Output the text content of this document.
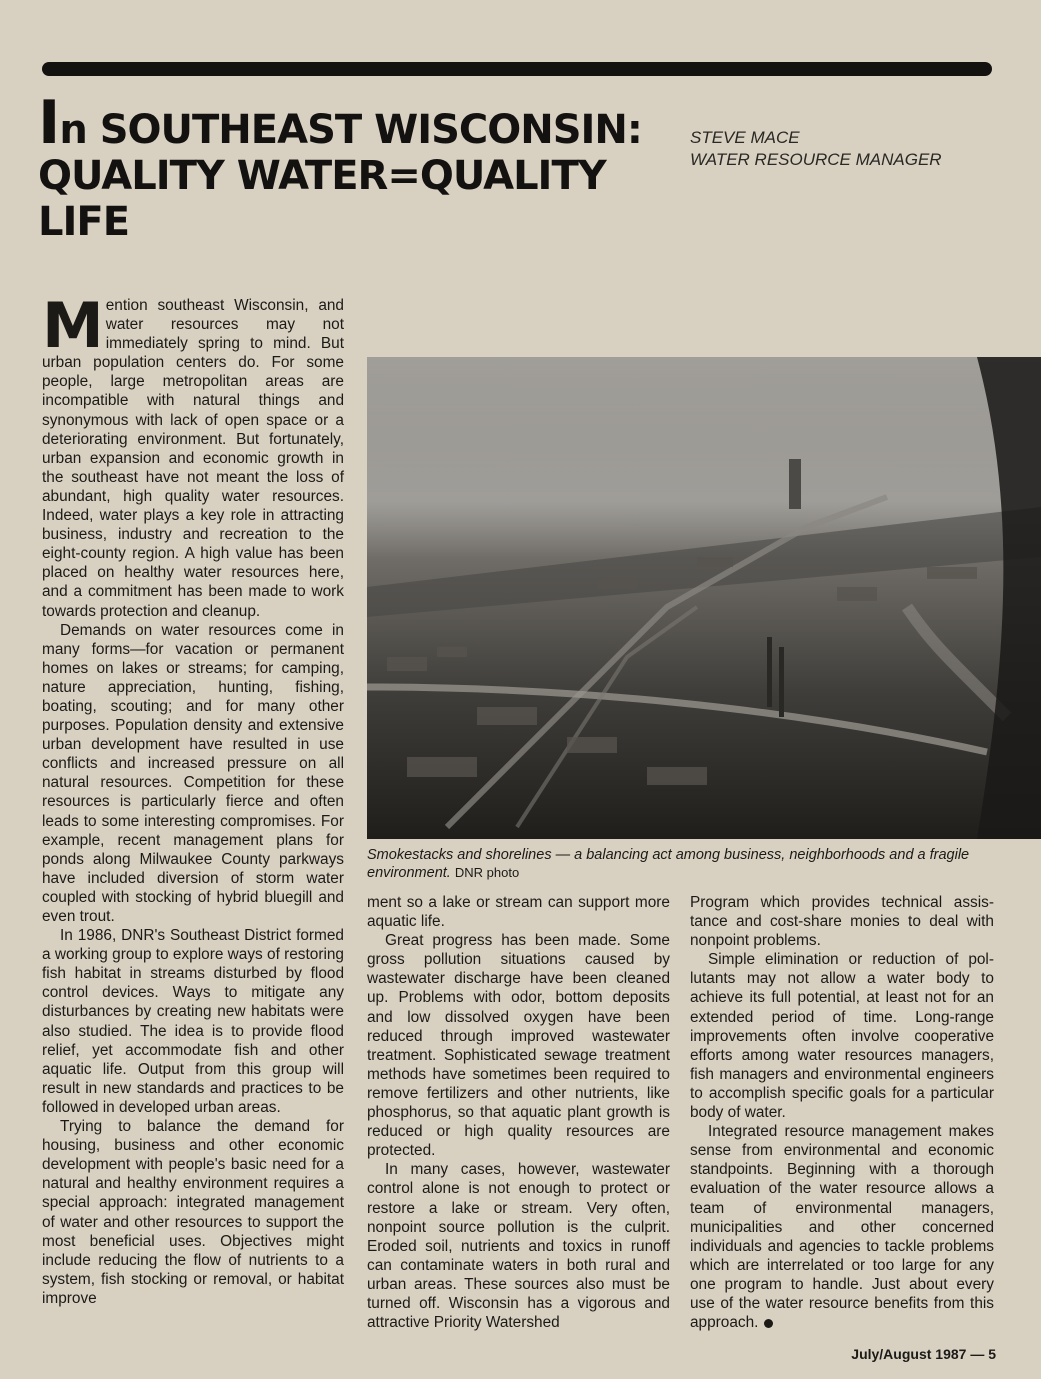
In SOUTHEAST WISCONSIN:
QUALITY WATER=QUALITY LIFE
STEVE MACE
WATER RESOURCE MANAGER

Mention southeast Wisconsin, and water resources may not immediately spring to mind. But urban population centers do. For some people, large metropolitan areas are incompatible with natural things and synonymous with lack of open space or a deteriorating environment. But fortunately, urban expansion and economic growth in the southeast have not meant the loss of abundant, high quality water resources. Indeed, water plays a key role in attracting business, industry and recreation to the eight-county region. A high value has been placed on healthy water resources here, and a commitment has been made to work towards protection and cleanup.

Demands on water resources come in many forms—for vacation or permanent homes on lakes or streams; for camping, nature appreciation, hunting, fishing, boating, scouting; and for many other purposes. Population density and extensive urban development have resulted in use conflicts and increased pressure on all natural resources. Competition for these resources is particularly fierce and often leads to some interesting compromises. For example, recent management plans for ponds along Milwaukee County parkways have included diversion of storm water coupled with stocking of hybrid bluegill and even trout.

In 1986, DNR's Southeast District formed a working group to explore ways of restoring fish habitat in streams disturbed by flood control devices. Ways to mitigate any disturbances by creating new habitats were also studied. The idea is to provide flood relief, yet accommodate fish and other aquatic life. Output from this group will result in new standards and practices to be followed in developed urban areas.

Trying to balance the demand for housing, business and other economic development with people's basic need for a natural and healthy environment requires a special approach: integrated management of water and other resources to support the most beneficial uses. Objectives might include reducing the flow of nutrients to a system, fish stocking or removal, or habitat improve

Smokestacks and shorelines — a balancing act among business, neighborhoods and a fragile environment. DNR photo

ment so a lake or stream can support more aquatic life.

Great progress has been made. Some gross pollution situations caused by wastewater discharge have been cleaned up. Problems with odor, bottom deposits and low dissolved oxygen have been reduced through improved wastewater treatment. Sophisticated sewage treatment methods have sometimes been required to remove fertilizers and other nutrients, like phosphorus, so that aquatic plant growth is reduced or high quality resources are protected.

In many cases, however, wastewater control alone is not enough to protect or restore a lake or stream. Very often, nonpoint source pollution is the culprit. Eroded soil, nutrients and toxics in runoff can contaminate waters in both rural and urban areas. These sources also must be turned off. Wisconsin has a vigorous and attractive Priority Watershed

Program which provides technical assistance and cost-share monies to deal with nonpoint problems.

Simple elimination or reduction of pollutants may not allow a water body to achieve its full potential, at least not for an extended period of time. Long-range improvements often involve cooperative efforts among water resources managers, fish managers and environmental engineers to accomplish specific goals for a particular body of water.

Integrated resource management makes sense from environmental and economic standpoints. Beginning with a thorough evaluation of the water resource allows a team of environmental managers, municipalities and other concerned individuals and agencies to tackle problems which are interrelated or too large for any one program to handle. Just about every use of the water resource benefits from this approach.

July/August 1987 — 5
